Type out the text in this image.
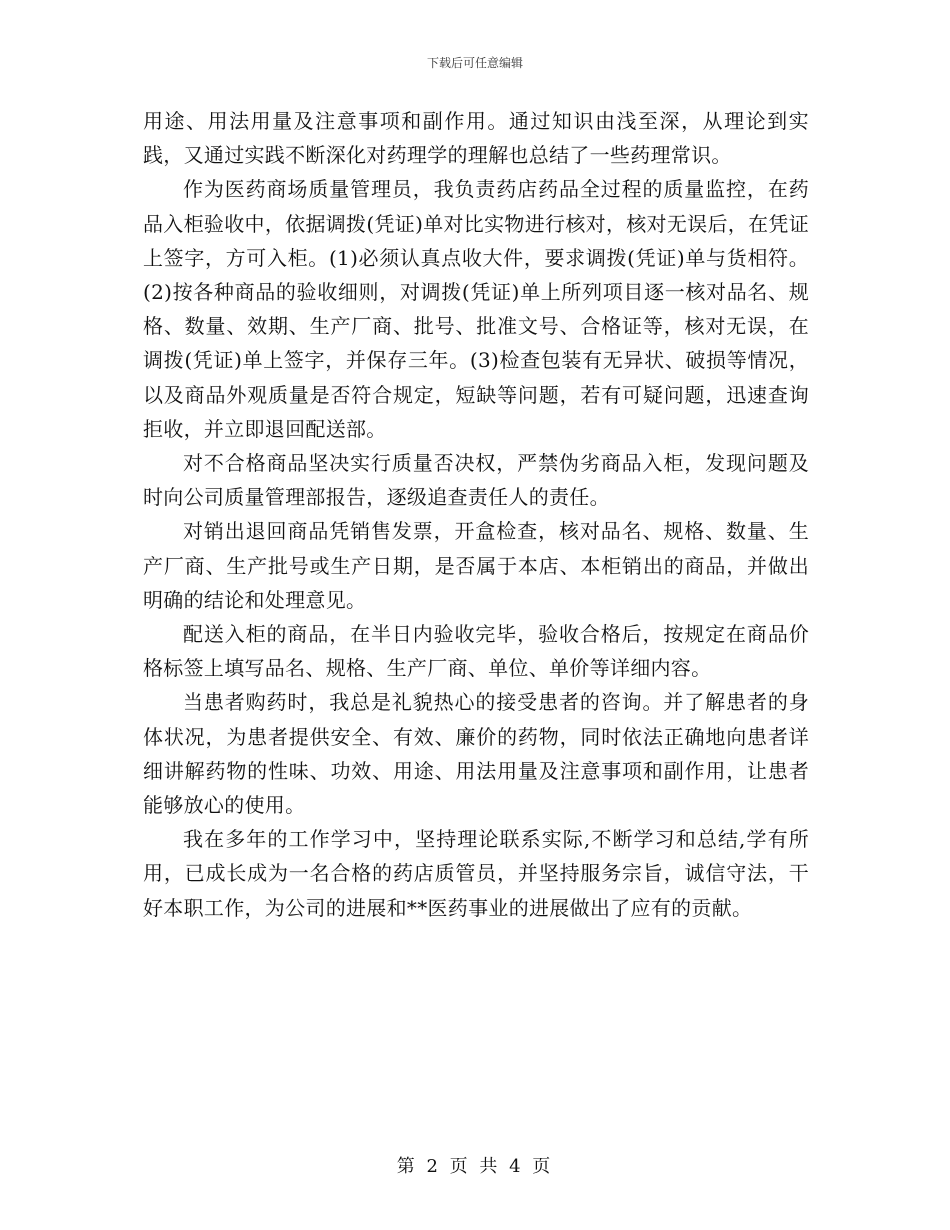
下载后可任意编辑

用途、用法用量及注意事项和副作用。通过知识由浅至深，从理论到实践，又通过实践不断深化对药理学的理解也总结了一些药理常识。

作为医药商场质量管理员，我负责药店药品全过程的质量监控，在药品入柜验收中，依据调拨(凭证)单对比实物进行核对，核对无误后，在凭证上签字，方可入柜。(1)必须认真点收大件，要求调拨(凭证)单与货相符。(2)按各种商品的验收细则，对调拨(凭证)单上所列项目逐一核对品名、规格、数量、效期、生产厂商、批号、批准文号、合格证等，核对无误，在调拨(凭证)单上签字，并保存三年。(3)检查包装有无异状、破损等情况，以及商品外观质量是否符合规定，短缺等问题，若有可疑问题，迅速查询拒收，并立即退回配送部。

对不合格商品坚决实行质量否决权，严禁伪劣商品入柜，发现问题及时向公司质量管理部报告，逐级追查责任人的责任。

对销出退回商品凭销售发票，开盒检查，核对品名、规格、数量、生产厂商、生产批号或生产日期，是否属于本店、本柜销出的商品，并做出明确的结论和处理意见。

配送入柜的商品，在半日内验收完毕，验收合格后，按规定在商品价格标签上填写品名、规格、生产厂商、单位、单价等详细内容。

当患者购药时，我总是礼貌热心的接受患者的咨询。并了解患者的身体状况，为患者提供安全、有效、廉价的药物，同时依法正确地向患者详细讲解药物的性味、功效、用途、用法用量及注意事项和副作用，让患者能够放心的使用。

我在多年的工作学习中，坚持理论联系实际,不断学习和总结,学有所用，已成长成为一名合格的药店质管员，并坚持服务宗旨，诚信守法，干好本职工作，为公司的进展和**医药事业的进展做出了应有的贡献。

第 2 页 共 4 页
